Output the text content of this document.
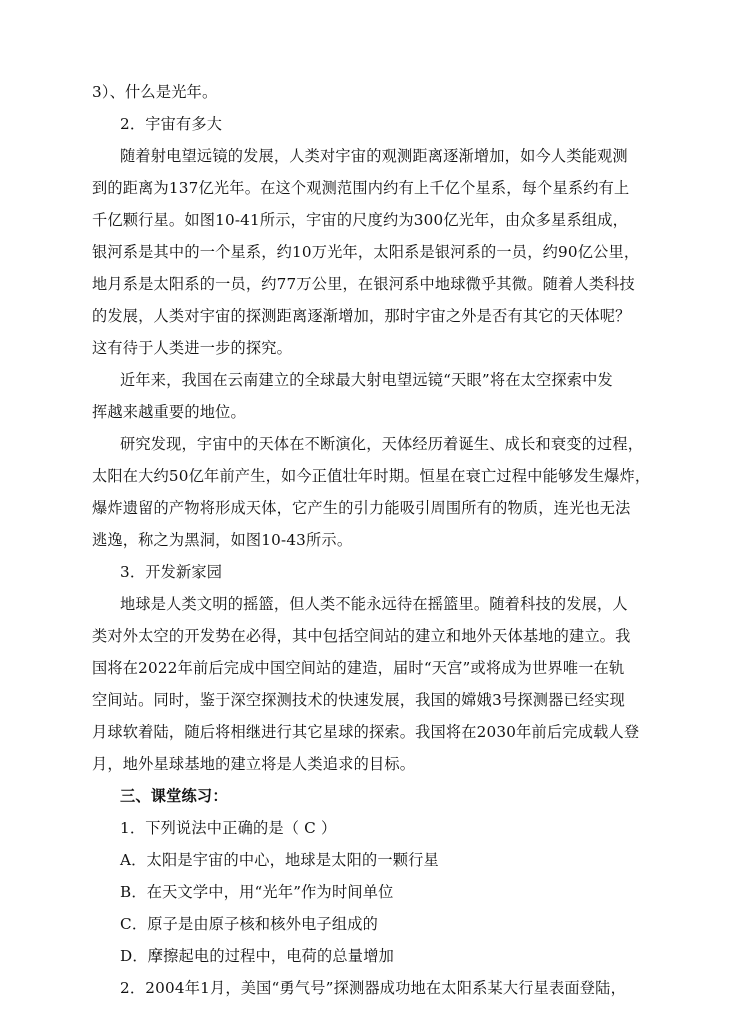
3）、什么是光年。
2．宇宙有多大
随着射电望远镜的发展，人类对宇宙的观测距离逐渐增加，如今人类能观测
到的距离为137亿光年。在这个观测范围内约有上千亿个星系，每个星系约有上
千亿颗行星。如图10-41所示，宇宙的尺度约为300亿光年，由众多星系组成，
银河系是其中的一个星系，约10万光年，太阳系是银河系的一员，约90亿公里，
地月系是太阳系的一员，约77万公里，在银河系中地球微乎其微。随着人类科技
的发展，人类对宇宙的探测距离逐渐增加，那时宇宙之外是否有其它的天体呢？
这有待于人类进一步的探究。
近年来，我国在云南建立的全球最大射电望远镜“天眼”将在太空探索中发
挥越来越重要的地位。
研究发现，宇宙中的天体在不断演化，天体经历着诞生、成长和衰变的过程，
太阳在大约50亿年前产生，如今正值壮年时期。恒星在衰亡过程中能够发生爆炸，
爆炸遗留的产物将形成天体，它产生的引力能吸引周围所有的物质，连光也无法
逃逸，称之为黑洞，如图10-43所示。
3．开发新家园
地球是人类文明的摇篮，但人类不能永远待在摇篮里。随着科技的发展，人
类对外太空的开发势在必得，其中包括空间站的建立和地外天体基地的建立。我
国将在2022年前后完成中国空间站的建造，届时“天宫”或将成为世界唯一在轨
空间站。同时，鉴于深空探测技术的快速发展，我国的嫦娥3号探测器已经实现
月球软着陆，随后将相继进行其它星球的探索。我国将在2030年前后完成载人登
月，地外星球基地的建立将是人类追求的目标。
三、课堂练习：
1．下列说法中正确的是（ C ）
A．太阳是宇宙的中心，地球是太阳的一颗行星
B．在天文学中，用“光年”作为时间单位
C．原子是由原子核和核外电子组成的
D．摩擦起电的过程中，电荷的总量增加
2．2004年1月，美国“勇气号”探测器成功地在太阳系某大行星表面登陆，
